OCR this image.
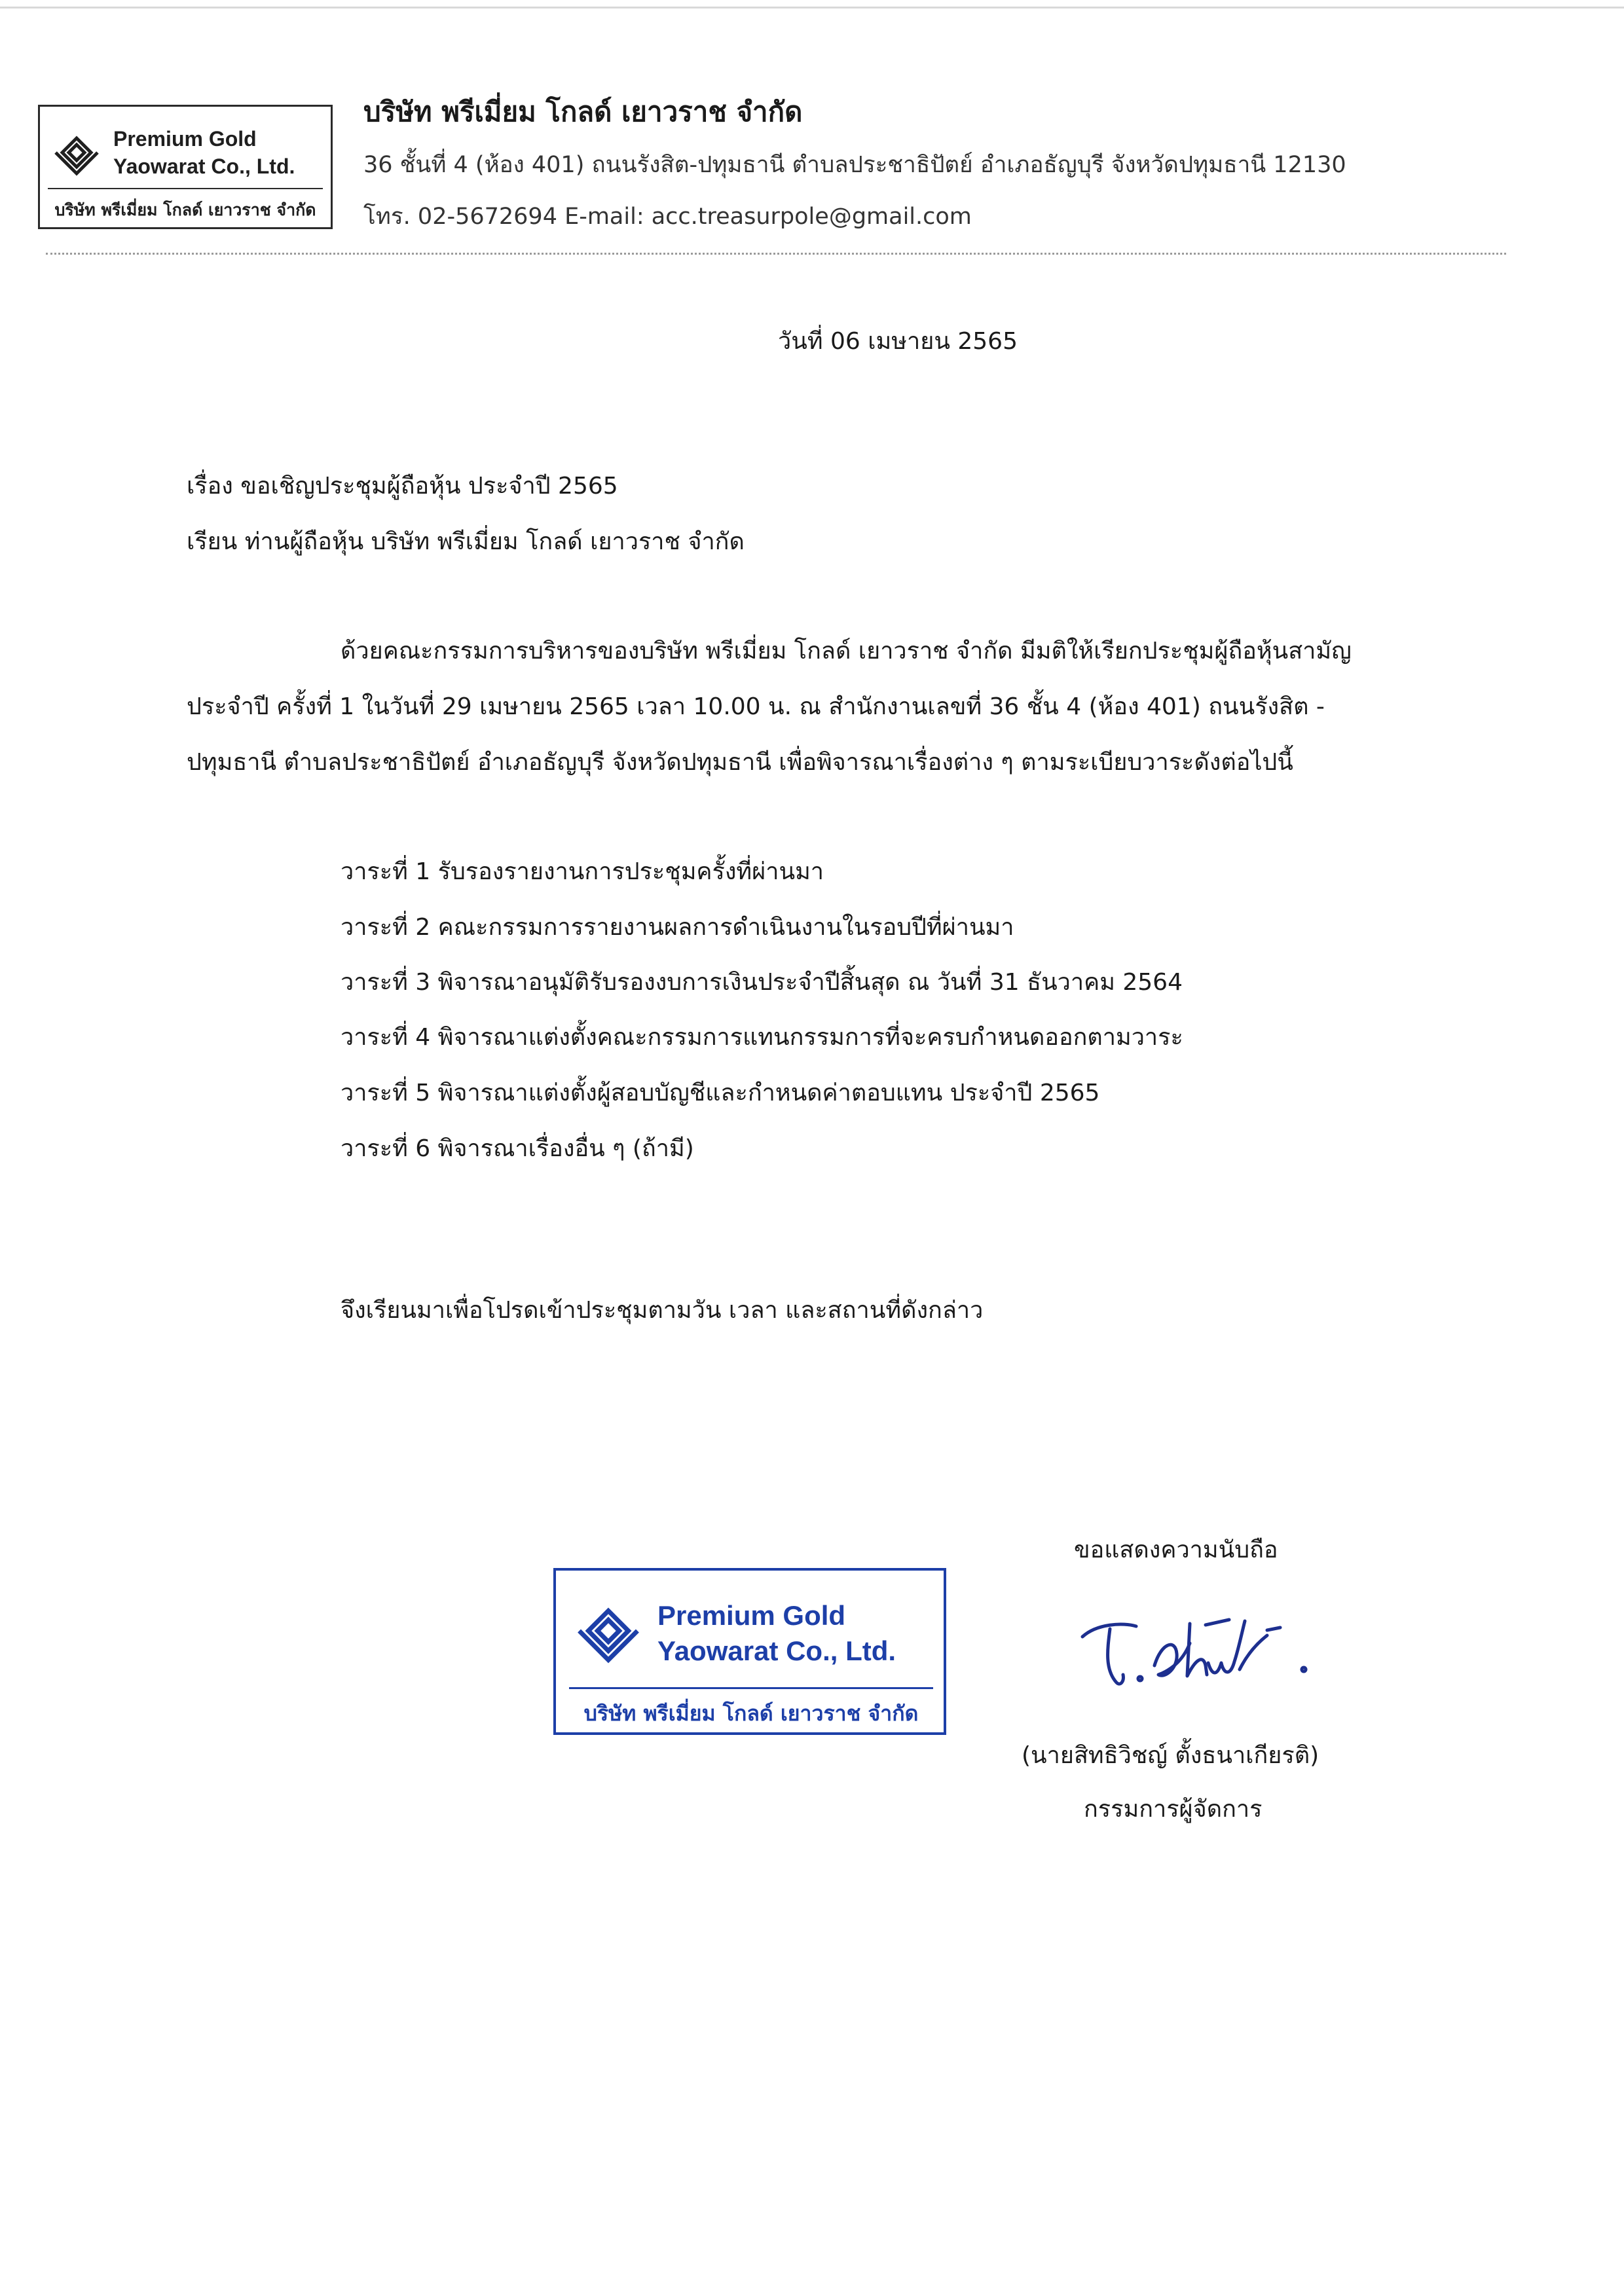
Premium Gold
Yaowarat Co., Ltd.
บริษัท พรีเมี่ยม โกลด์ เยาวราช จำกัด
บริษัท พรีเมี่ยม โกลด์ เยาวราช จำกัด
36 ชั้นที่ 4 (ห้อง 401) ถนนรังสิต-ปทุมธานี ตำบลประชาธิปัตย์ อำเภอธัญบุรี จังหวัดปทุมธานี 12130
โทร. 02-5672694 E-mail: acc.treasurpole@gmail.com
วันที่ 06 เมษายน 2565
เรื่อง ขอเชิญประชุมผู้ถือหุ้น ประจำปี 2565
เรียน ท่านผู้ถือหุ้น บริษัท พรีเมี่ยม โกลด์ เยาวราช จำกัด
ด้วยคณะกรรมการบริหารของบริษัท พรีเมี่ยม โกลด์ เยาวราช จำกัด มีมติให้เรียกประชุมผู้ถือหุ้นสามัญ
ประจำปี ครั้งที่ 1 ในวันที่ 29 เมษายน 2565 เวลา 10.00 น. ณ สำนักงานเลขที่ 36 ชั้น 4 (ห้อง 401) ถนนรังสิต -
ปทุมธานี ตำบลประชาธิปัตย์ อำเภอธัญบุรี จังหวัดปทุมธานี เพื่อพิจารณาเรื่องต่าง ๆ ตามระเบียบวาระดังต่อไปนี้
วาระที่ 1 รับรองรายงานการประชุมครั้งที่ผ่านมา
วาระที่ 2 คณะกรรมการรายงานผลการดำเนินงานในรอบปีที่ผ่านมา
วาระที่ 3 พิจารณาอนุมัติรับรองงบการเงินประจำปีสิ้นสุด ณ วันที่ 31 ธันวาคม 2564
วาระที่ 4 พิจารณาแต่งตั้งคณะกรรมการแทนกรรมการที่จะครบกำหนดออกตามวาระ
วาระที่ 5 พิจารณาแต่งตั้งผู้สอบบัญชีและกำหนดค่าตอบแทน ประจำปี 2565
วาระที่ 6 พิจารณาเรื่องอื่น ๆ (ถ้ามี)
จึงเรียนมาเพื่อโปรดเข้าประชุมตามวัน เวลา และสถานที่ดังกล่าว
ขอแสดงความนับถือ
(นายสิทธิวิชญ์ ตั้งธนาเกียรติ)
กรรมการผู้จัดการ
Premium Gold
Yaowarat Co., Ltd.
บริษัท พรีเมี่ยม โกลด์ เยาวราช จำกัด
